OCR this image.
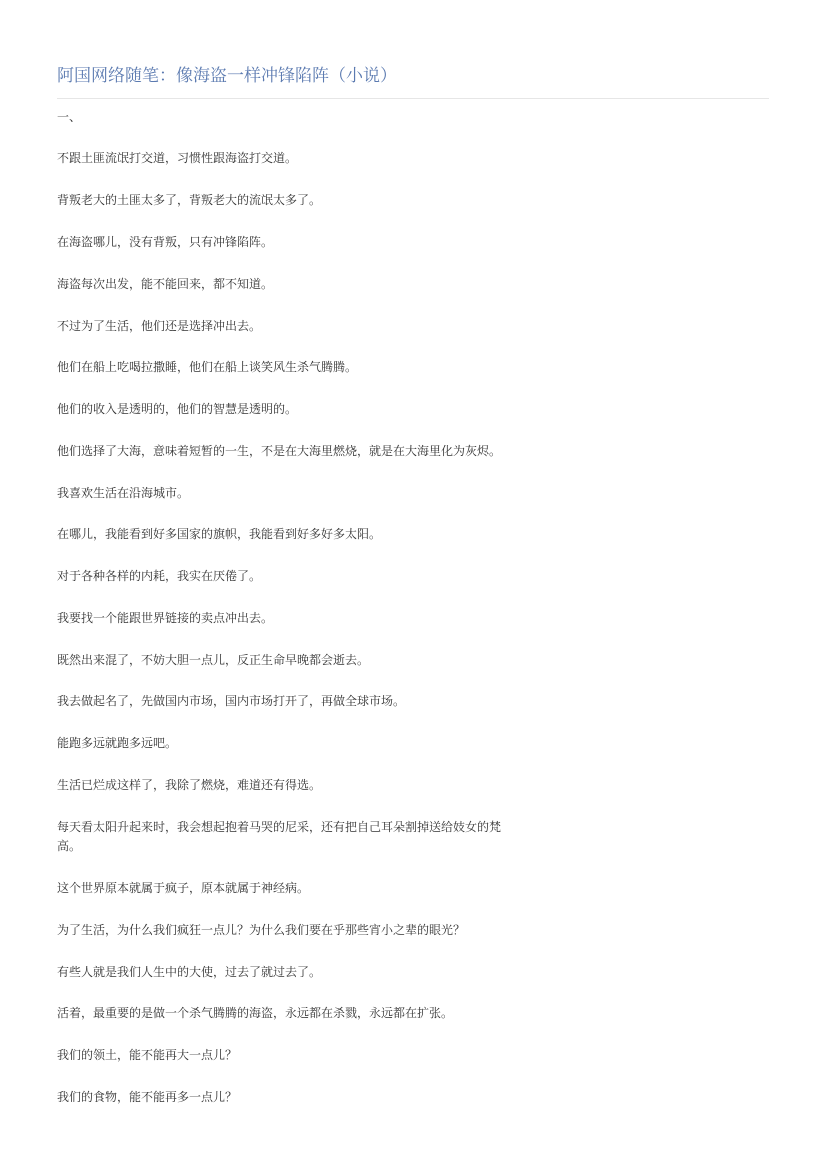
阿国网络随笔：像海盗一样冲锋陷阵（小说）

一、

不跟土匪流氓打交道，习惯性跟海盗打交道。

背叛老大的土匪太多了，背叛老大的流氓太多了。

在海盗哪儿，没有背叛，只有冲锋陷阵。

海盗每次出发，能不能回来，都不知道。

不过为了生活，他们还是选择冲出去。

他们在船上吃喝拉撒睡，他们在船上谈笑风生杀气腾腾。

他们的收入是透明的，他们的智慧是透明的。

他们选择了大海，意味着短暂的一生，不是在大海里燃烧，就是在大海里化为灰烬。

我喜欢生活在沿海城市。

在哪儿，我能看到好多国家的旗帜，我能看到好多好多太阳。

对于各种各样的内耗，我实在厌倦了。

我要找一个能跟世界链接的卖点冲出去。

既然出来混了，不妨大胆一点儿，反正生命早晚都会逝去。

我去做起名了，先做国内市场，国内市场打开了，再做全球市场。

能跑多远就跑多远吧。

生活已烂成这样了，我除了燃烧，难道还有得选。

每天看太阳升起来时，我会想起抱着马哭的尼采，还有把自己耳朵割掉送给妓女的梵高。

这个世界原本就属于疯子，原本就属于神经病。

为了生活，为什么我们疯狂一点儿？为什么我们要在乎那些宵小之辈的眼光？

有些人就是我们人生中的大使，过去了就过去了。

活着，最重要的是做一个杀气腾腾的海盗，永远都在杀戮，永远都在扩张。

我们的领土，能不能再大一点儿？

我们的食物，能不能再多一点儿？
